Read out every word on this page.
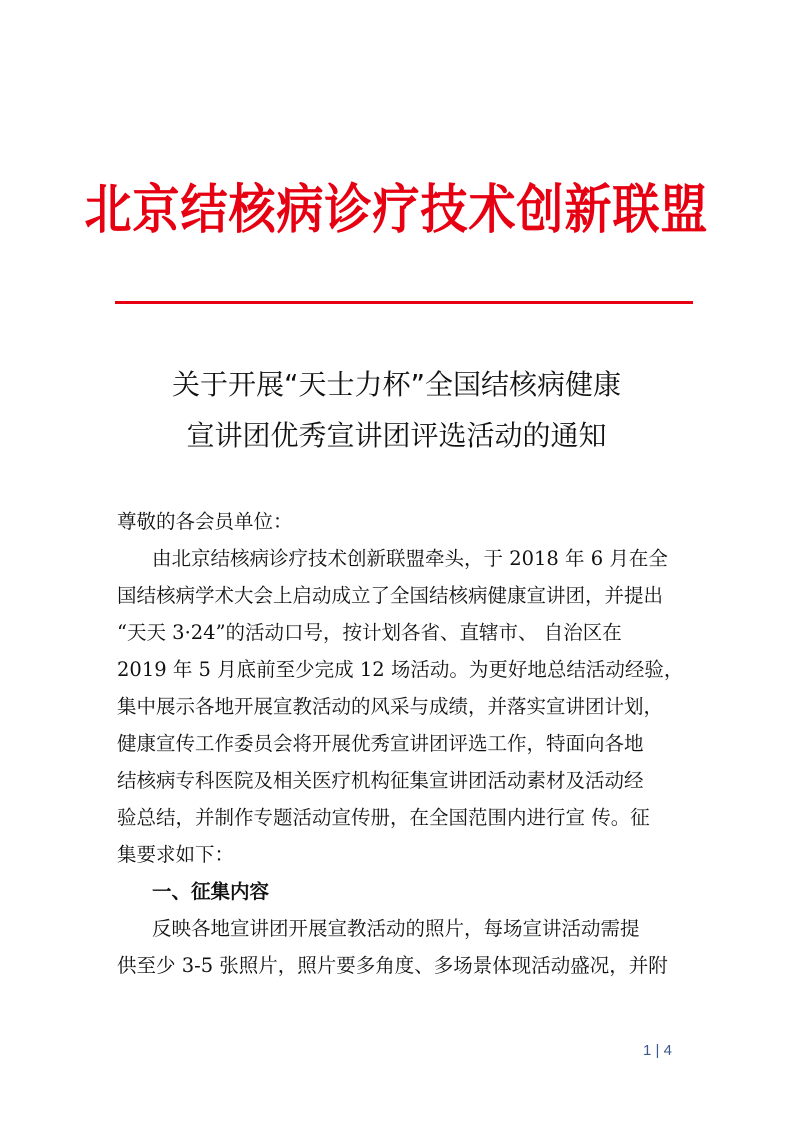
北京结核病诊疗技术创新联盟
关于开展“天士力杯”全国结核病健康
宣讲团优秀宣讲团评选活动的通知
尊敬的各会员单位：
由北京结核病诊疗技术创新联盟牵头，于 2018 年 6 月在全
国结核病学术大会上启动成立了全国结核病健康宣讲团，并提出
“天天 3·24”的活动口号，按计划各省、直辖市、 自治区在
2019 年 5 月底前至少完成 12 场活动。为更好地总结活动经验，
集中展示各地开展宣教活动的风采与成绩，并落实宣讲团计划，
健康宣传工作委员会将开展优秀宣讲团评选工作，特面向各地
结核病专科医院及相关医疗机构征集宣讲团活动素材及活动经
验总结，并制作专题活动宣传册，在全国范围内进行宣 传。征
集要求如下：
一、征集内容
反映各地宣讲团开展宣教活动的照片，每场宣讲活动需提
供至少 3-5 张照片，照片要多角度、多场景体现活动盛况，并附
1 | 4
